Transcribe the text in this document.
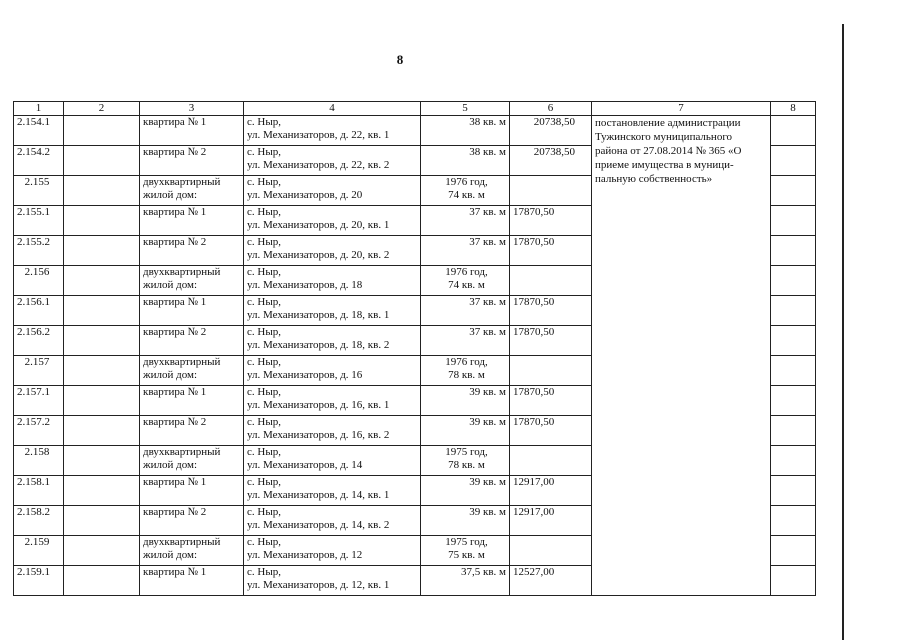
8
1	2	3	4	5	6	7	8
2.154.1		квартира № 1	с. Ныр,
ул. Механизаторов, д. 22, кв. 1	38 кв. м	20738,50	постановление администрации
Тужинского муниципального
района от 27.08.2014 № 365 «О
приеме имущества в муници-
пальную собственность»	

2.154.2		квартира № 2	с. Ныр,
ул. Механизаторов, д. 22, кв. 2	38 кв. м	20738,50		
2.155		двухквартирный
жилой дом:	с. Ныр,
ул. Механизаторов, д. 20	1976 год,
74 кв. м			

2.155.1		квартира № 1	с. Ныр,
ул. Механизаторов, д. 20, кв. 1	37 кв. м	17870,50		
2.155.2		квартира № 2	с. Ныр,
ул. Механизаторов, д. 20, кв. 2	37 кв. м	17870,50		
2.156		двухквартирный
жилой дом:	с. Ныр,
ул. Механизаторов, д. 18	1976 год,
74 кв. м			

2.156.1		квартира № 1	с. Ныр,
ул. Механизаторов, д. 18, кв. 1	37 кв. м	17870,50		
2.156.2		квартира № 2	с. Ныр,
ул. Механизаторов, д. 18, кв. 2	37 кв. м	17870,50		
2.157		двухквартирный
жилой дом:	с. Ныр,
ул. Механизаторов, д. 16	1976 год,
78 кв. м			

2.157.1		квартира № 1	с. Ныр,
ул. Механизаторов, д. 16, кв. 1	39 кв. м	17870,50		
2.157.2		квартира № 2	с. Ныр,
ул. Механизаторов, д. 16, кв. 2	39 кв. м	17870,50		
2.158		двухквартирный
жилой дом:	с. Ныр,
ул. Механизаторов, д. 14	1975 год,
78 кв. м			

2.158.1		квартира № 1	с. Ныр,
ул. Механизаторов, д. 14, кв. 1	39 кв. м	12917,00		
2.158.2		квартира № 2	с. Ныр,
ул. Механизаторов, д. 14, кв. 2	39 кв. м	12917,00		
2.159		двухквартирный
жилой дом:	с. Ныр,
ул. Механизаторов, д. 12	1975 год,
75 кв. м			

2.159.1		квартира № 1	с. Ныр,
ул. Механизаторов, д. 12, кв. 1	37,5 кв. м	12527,00		
